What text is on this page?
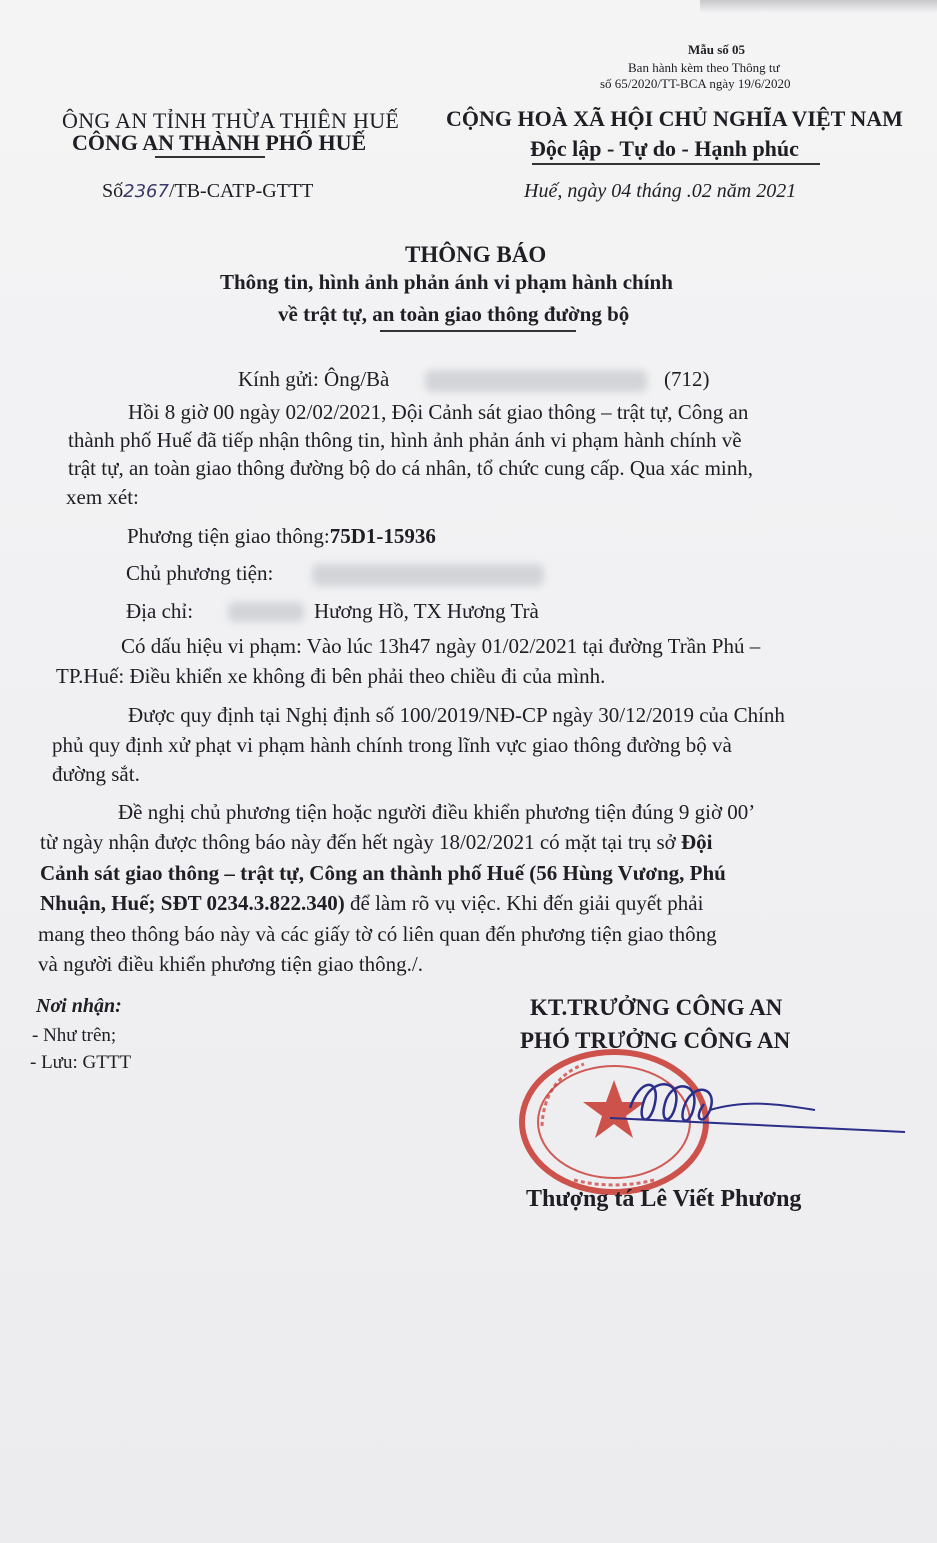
Mẫu số 05
Ban hành kèm theo Thông tư
số 65/2020/TT-BCA ngày 19/6/2020
ÔNG AN TỈNH THỪA THIÊN HUẾ
CÔNG AN THÀNH PHỐ HUẾ
CỘNG HOÀ XÃ HỘI CHỦ NGHĨA VIỆT NAM
Độc lập - Tự do - Hạnh phúc
Số2367/TB-CATP-GTTT	Huế, ngày 04 tháng .02 năm 2021
THÔNG BÁO
Thông tin, hình ảnh phản ánh vi phạm hành chính
về trật tự, an toàn giao thông đường bộ
Kính gửi: Ông/Bà	(712)
Hồi 8 giờ 00 ngày 02/02/2021, Đội Cảnh sát giao thông – trật tự, Công an
thành phố Huế đã tiếp nhận thông tin, hình ảnh phản ánh vi phạm hành chính về
trật tự, an toàn giao thông đường bộ do cá nhân, tổ chức cung cấp. Qua xác minh,
xem xét:
Phương tiện giao thông:75D1-15936
Chủ phương tiện:
Địa chỉ:	Hương Hồ, TX Hương Trà
Có dấu hiệu vi phạm: Vào lúc 13h47 ngày 01/02/2021 tại đường Trần Phú –
TP.Huế: Điều khiển xe không đi bên phải theo chiều đi của mình.
Được quy định tại Nghị định số 100/2019/NĐ-CP ngày 30/12/2019 của Chính
phủ quy định xử phạt vi phạm hành chính trong lĩnh vực giao thông đường bộ và
đường sắt.
Đề nghị chủ phương tiện hoặc người điều khiển phương tiện đúng 9 giờ 00’
từ ngày nhận được thông báo này đến hết ngày 18/02/2021 có mặt tại trụ sở Đội
Cảnh sát giao thông – trật tự, Công an thành phố Huế (56 Hùng Vương, Phú
Nhuận, Huế; SĐT 0234.3.822.340) để làm rõ vụ việc. Khi đến giải quyết phải
mang theo thông báo này và các giấy tờ có liên quan đến phương tiện giao thông
và người điều khiển phương tiện giao thông./.
Nơi nhận:
- Như trên;
- Lưu: GTTT
KT.TRƯỞNG CÔNG AN
PHÓ TRƯỞNG CÔNG AN
Thượng tá Lê Viết Phương
